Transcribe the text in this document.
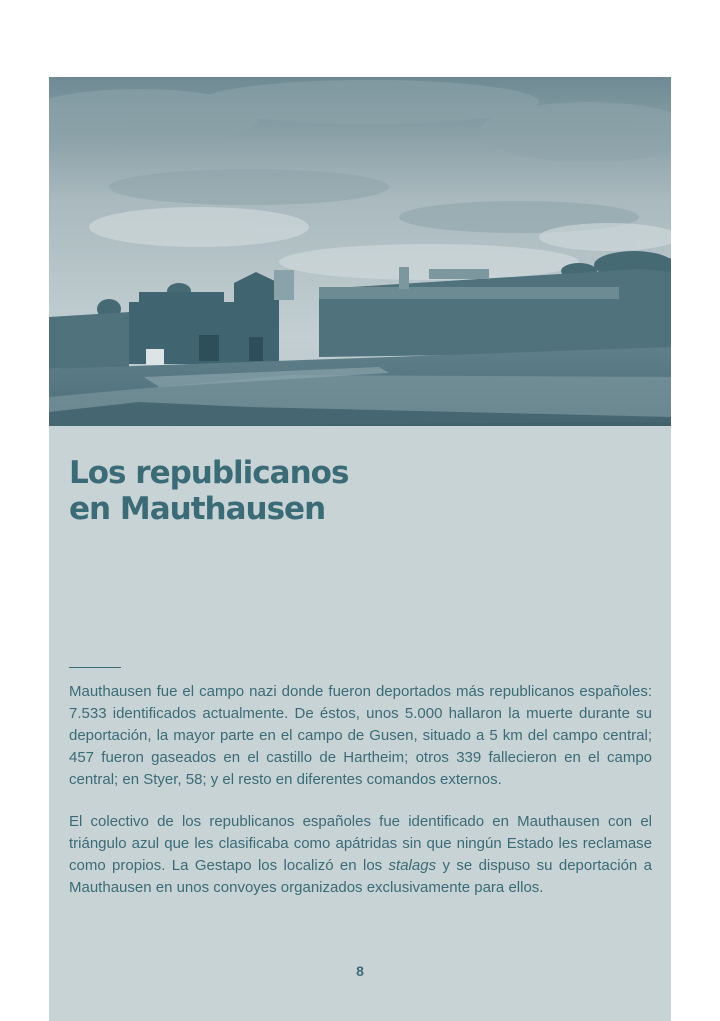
Los republicanos
en Mauthausen

Mauthausen fue el campo nazi donde fueron deportados más republicanos españoles: 7.533 identificados actualmente. De éstos, unos 5.000 hallaron la muerte durante su deportación, la mayor parte en el campo de Gusen, situado a 5 km del campo central; 457 fueron gaseados en el castillo de Hartheim; otros 339 fallecieron en el campo central; en Styer, 58; y el resto en diferentes comandos externos.

El colectivo de los republicanos españoles fue identificado en Mauthausen con el triángulo azul que les clasificaba como apátridas sin que ningún Estado les reclamase como propios. La Gestapo los localizó en los stalags y se dispuso su deportación a Mauthausen en unos convoyes organizados exclusivamente para ellos.

8
